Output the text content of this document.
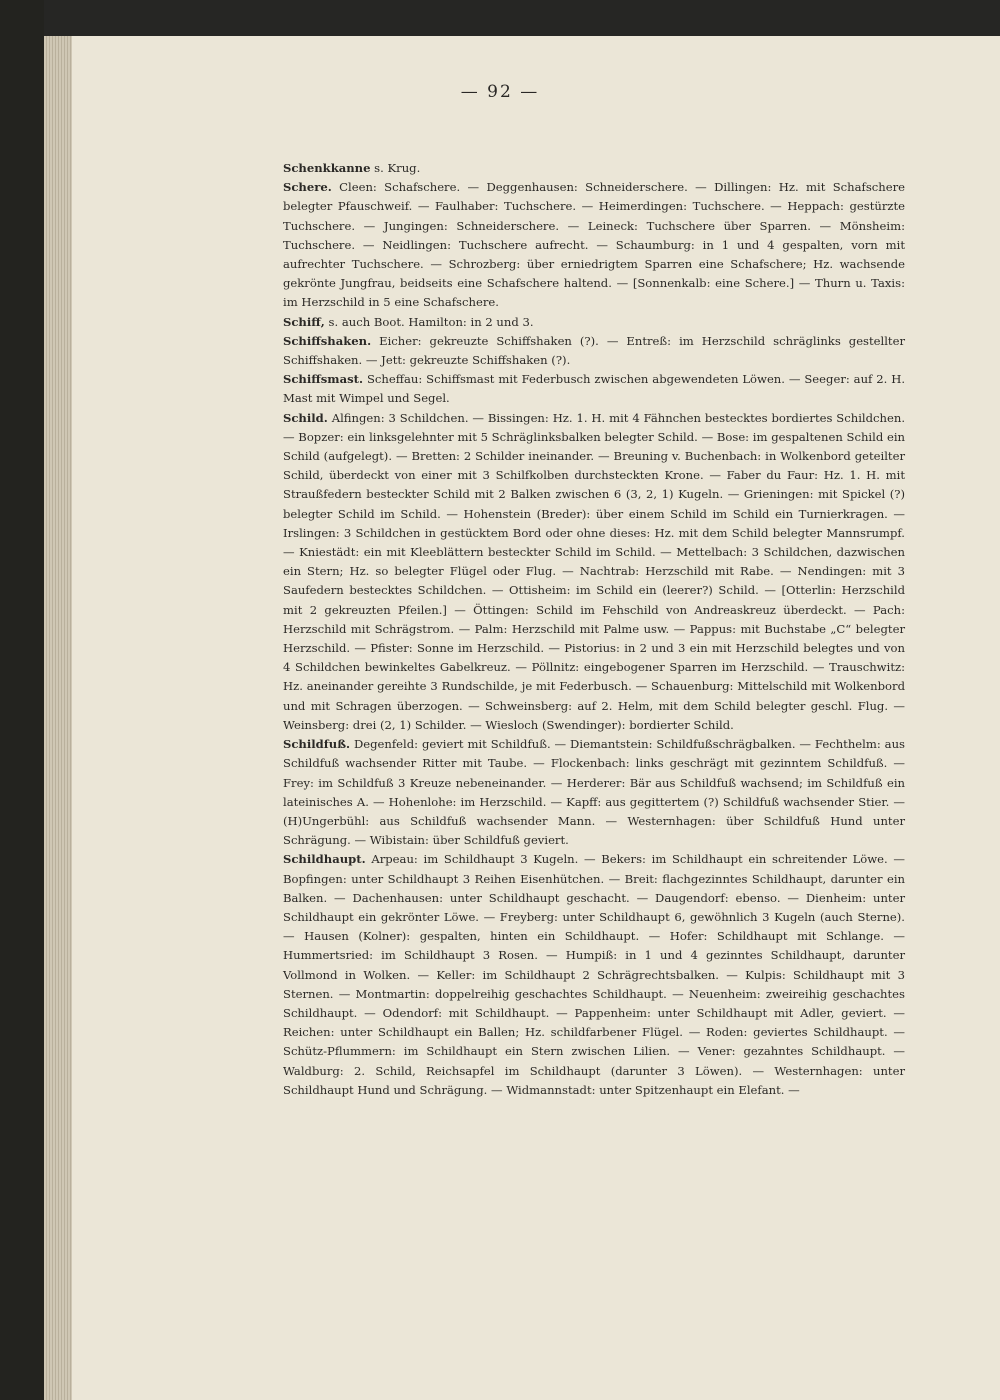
— 92 —

Schenkkanne s. Krug.

Schere. Cleen: Schafschere. — Deggenhausen: Schneiderschere. — Dillingen: Hz. mit Schafschere belegter Pfauschweif. — Faulhaber: Tuchschere. — Heimerdingen: Tuchschere. — Heppach: gestürzte Tuchschere. — Jungingen: Schneiderschere. — Leineck: Tuchschere über Sparren. — Mönsheim: Tuchschere. — Neidlingen: Tuchschere aufrecht. — Schaumburg: in 1 und 4 gespalten, vorn mit aufrechter Tuchschere. — Schrozberg: über erniedrigtem Sparren eine Schafschere; Hz. wachsende gekrönte Jungfrau, beidseits eine Schafschere haltend. — [Sonnenkalb: eine Schere.] — Thurn u. Taxis: im Herzschild in 5 eine Schafschere.

Schiff, s. auch Boot. Hamilton: in 2 und 3.

Schiffshaken. Eicher: gekreuzte Schiffshaken (?). — Entreß: im Herzschild schräglinks gestellter Schiffshaken. — Jett: gekreuzte Schiffshaken (?).

Schiffsmast. Scheffau: Schiffsmast mit Federbusch zwischen abgewendeten Löwen. — Seeger: auf 2. H. Mast mit Wimpel und Segel.

Schild. Alfingen: 3 Schildchen. — Bissingen: Hz. 1. H. mit 4 Fähnchen bestecktes bordiertes Schildchen. — Bopzer: ein linksgelehnter mit 5 Schräglinksbalken belegter Schild. — Bose: im gespaltenen Schild ein Schild (aufgelegt). — Bretten: 2 Schilder ineinander. — Breuning v. Buchenbach: in Wolkenbord geteilter Schild, überdeckt von einer mit 3 Schilfkolben durchsteckten Krone. — Faber du Faur: Hz. 1. H. mit Straußfedern besteckter Schild mit 2 Balken zwischen 6 (3, 2, 1) Kugeln. — Grieningen: mit Spickel (?) belegter Schild im Schild. — Hohenstein (Breder): über einem Schild im Schild ein Turnierkragen. — Irslingen: 3 Schildchen in gestücktem Bord oder ohne dieses: Hz. mit dem Schild belegter Mannsrumpf. — Kniestädt: ein mit Kleeblättern besteckter Schild im Schild. — Mettelbach: 3 Schildchen, dazwischen ein Stern; Hz. so belegter Flügel oder Flug. — Nachtrab: Herzschild mit Rabe. — Nendingen: mit 3 Saufedern bestecktes Schildchen. — Ottisheim: im Schild ein (leerer?) Schild. — [Otterlin: Herzschild mit 2 gekreuzten Pfeilen.] — Öttingen: Schild im Fehschild von Andreaskreuz überdeckt. — Pach: Herzschild mit Schrägstrom. — Palm: Herzschild mit Palme usw. — Pappus: mit Buchstabe „C“ belegter Herzschild. — Pfister: Sonne im Herzschild. — Pistorius: in 2 und 3 ein mit Herzschild belegtes und von 4 Schildchen bewinkeltes Gabelkreuz. — Pöllnitz: eingebogener Sparren im Herzschild. — Trauschwitz: Hz. aneinander gereihte 3 Rundschilde, je mit Federbusch. — Schauenburg: Mittelschild mit Wolkenbord und mit Schragen überzogen. — Schweinsberg: auf 2. Helm, mit dem Schild belegter geschl. Flug. — Weinsberg: drei (2, 1) Schilder. — Wiesloch (Swendinger): bordierter Schild.

Schildfuß. Degenfeld: geviert mit Schildfuß. — Diemantstein: Schildfußschrägbalken. — Fechthelm: aus Schildfuß wachsender Ritter mit Taube. — Flockenbach: links geschrägt mit gezinntem Schildfuß. — Frey: im Schildfuß 3 Kreuze nebeneinander. — Herderer: Bär aus Schildfuß wachsend; im Schildfuß ein lateinisches A. — Hohenlohe: im Herzschild. — Kapff: aus gegittertem (?) Schildfuß wachsender Stier. — (H)Ungerbühl: aus Schildfuß wachsender Mann. — Westernhagen: über Schildfuß Hund unter Schrägung. — Wibistain: über Schildfuß geviert.

Schildhaupt. Arpeau: im Schildhaupt 3 Kugeln. — Bekers: im Schildhaupt ein schreitender Löwe. — Bopfingen: unter Schildhaupt 3 Reihen Eisenhütchen. — Breit: flachgezinntes Schildhaupt, darunter ein Balken. — Dachenhausen: unter Schildhaupt geschacht. — Daugendorf: ebenso. — Dienheim: unter Schildhaupt ein gekrönter Löwe. — Freyberg: unter Schildhaupt 6, gewöhnlich 3 Kugeln (auch Sterne). — Hausen (Kolner): gespalten, hinten ein Schildhaupt. — Hofer: Schildhaupt mit Schlange. — Hummertsried: im Schildhaupt 3 Rosen. — Humpiß: in 1 und 4 gezinntes Schildhaupt, darunter Vollmond in Wolken. — Keller: im Schildhaupt 2 Schrägrechtsbalken. — Kulpis: Schildhaupt mit 3 Sternen. — Montmartin: doppelreihig geschachtes Schildhaupt. — Neuenheim: zweireihig geschachtes Schildhaupt. — Odendorf: mit Schildhaupt. — Pappenheim: unter Schildhaupt mit Adler, geviert. — Reichen: unter Schildhaupt ein Ballen; Hz. schildfarbener Flügel. — Roden: geviertes Schildhaupt. — Schütz-Pflummern: im Schildhaupt ein Stern zwischen Lilien. — Vener: gezahntes Schildhaupt. — Waldburg: 2. Schild, Reichsapfel im Schildhaupt (darunter 3 Löwen). — Westernhagen: unter Schildhaupt Hund und Schrägung. — Widmannstadt: unter Spitzenhaupt ein Elefant. —
